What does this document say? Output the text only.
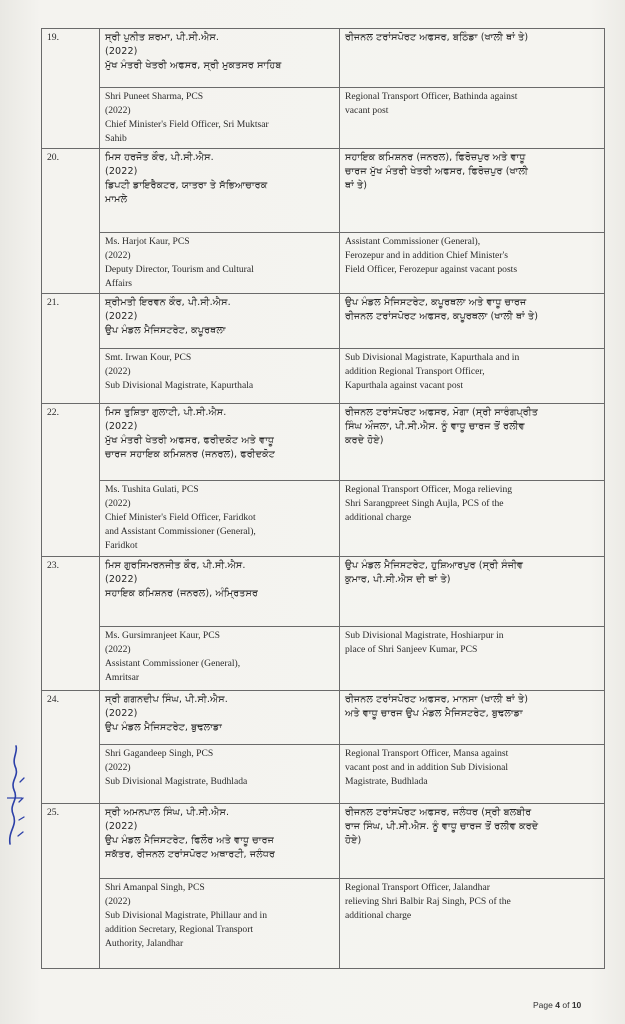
19.	ਸ੍ਰੀ ਪੁਨੀਤ ਸ਼ਰਮਾ, ਪੀ.ਸੀ.ਐਸ.
(2022)
ਮੁੱਖ ਮੰਤਰੀ ਖੇਤਰੀ ਅਫਸਰ, ਸ੍ਰੀ ਮੁਕਤਸਰ ਸਾਹਿਬ	ਰੀਜਨਲ ਟਰਾਂਸਪੋਰਟ ਅਫਸਰ, ਬਠਿੰਡਾ (ਖਾਲੀ ਥਾਂ ਤੇ)

	Shri Puneet Sharma, PCS
(2022)
Chief Minister's Field Officer, Sri Muktsar
Sahib	Regional Transport Officer, Bathinda against
vacant post

20.	ਮਿਸ ਹਰਜੋਤ ਕੌਰ, ਪੀ.ਸੀ.ਐਸ.
(2022)
ਡਿਪਟੀ ਡਾਇਰੈਕਟਰ, ਯਾਤਰਾ ਤੇ ਸੱਭਿਆਚਾਰਕ
ਮਾਮਲੇ	ਸਹਾਇਕ ਕਮਿਸ਼ਨਰ (ਜਨਰਲ), ਫਿਰੋਜ਼ਪੁਰ ਅਤੇ ਵਾਧੂ
ਚਾਰਜ ਮੁੱਖ ਮੰਤਰੀ ਖੇਤਰੀ ਅਫਸਰ, ਫਿਰੋਜ਼ਪੁਰ (ਖਾਲੀ
ਥਾਂ ਤੇ)

	Ms. Harjot Kaur, PCS
(2022)
Deputy Director, Tourism and Cultural
Affairs	Assistant Commissioner (General),
Ferozepur and in addition Chief Minister's
Field Officer, Ferozepur against vacant posts

21.	ਸ਼੍ਰੀਮਤੀ ਇਰਵਨ ਕੌਰ, ਪੀ.ਸੀ.ਐਸ.
(2022)
ਉਪ ਮੰਡਲ ਮੈਜਿਸਟਰੇਟ, ਕਪੂਰਥਲਾ	ਉਪ ਮੰਡਲ ਮੈਜਿਸਟਰੇਟ, ਕਪੂਰਥਲਾ ਅਤੇ ਵਾਧੂ ਚਾਰਜ
ਰੀਜਨਲ ਟਰਾਂਸਪੋਰਟ ਅਫਸਰ, ਕਪੂਰਥਲਾ (ਖਾਲੀ ਥਾਂ ਤੇ)

	Smt. Irwan Kour, PCS
(2022)
Sub Divisional Magistrate, Kapurthala	Sub Divisional Magistrate, Kapurthala and in
addition Regional Transport Officer,
Kapurthala against vacant post

22.	ਮਿਸ ਤੁਸ਼ਿਤਾ ਗੁਲਾਟੀ, ਪੀ.ਸੀ.ਐਸ.
(2022)
ਮੁੱਖ ਮੰਤਰੀ ਖੇਤਰੀ ਅਫਸਰ, ਫਰੀਦਕੋਟ ਅਤੇ ਵਾਧੂ
ਚਾਰਜ ਸਹਾਇਕ ਕਮਿਸ਼ਨਰ (ਜਨਰਲ), ਫਰੀਦਕੋਟ	ਰੀਜਨਲ ਟਰਾਂਸਪੋਰਟ ਅਫਸਰ, ਮੋਗਾ (ਸ੍ਰੀ ਸਾਰੰਗਪ੍ਰੀਤ
ਸਿੰਘ ਔਜਲਾ, ਪੀ.ਸੀ.ਐਸ. ਨੂੰ ਵਾਧੂ ਚਾਰਜ ਤੋਂ ਰਲੀਵ
ਕਰਦੇ ਹੋਏ)

	Ms. Tushita Gulati, PCS
(2022)
Chief Minister's Field Officer, Faridkot
and Assistant Commissioner (General),
Faridkot	Regional Transport Officer, Moga relieving
Shri Sarangpreet Singh Aujla, PCS of the
additional charge

23.	ਮਿਸ ਗੁਰਸਿਮਰਨਜੀਤ ਕੌਰ, ਪੀ.ਸੀ.ਐਸ.
(2022)
ਸਹਾਇਕ ਕਮਿਸ਼ਨਰ (ਜਨਰਲ), ਅੰਮ੍ਰਿਤਸਰ	ਉਪ ਮੰਡਲ ਮੈਜਿਸਟਰੇਟ, ਹੁਸ਼ਿਆਰਪੁਰ (ਸ੍ਰੀ ਸੰਜੀਵ
ਕੁਮਾਰ, ਪੀ.ਸੀ.ਐਸ ਦੀ ਥਾਂ ਤੇ)

	Ms. Gursimranjeet Kaur, PCS
(2022)
Assistant Commissioner (General),
Amritsar	Sub Divisional Magistrate, Hoshiarpur in
place of Shri Sanjeev Kumar, PCS

24.	ਸ੍ਰੀ ਗਗਨਦੀਪ ਸਿੰਘ, ਪੀ.ਸੀ.ਐਸ.
(2022)
ਉਪ ਮੰਡਲ ਮੈਜਿਸਟਰੇਟ, ਬੁਢਲਾਡਾ	ਰੀਜਨਲ ਟਰਾਂਸਪੋਰਟ ਅਫਸਰ, ਮਾਨਸਾ (ਖਾਲੀ ਥਾਂ ਤੇ)
ਅਤੇ ਵਾਧੂ ਚਾਰਜ ਉਪ ਮੰਡਲ ਮੈਜਿਸਟਰੇਟ, ਬੁਢਲਾਡਾ

	Shri Gagandeep Singh, PCS
(2022)
Sub Divisional Magistrate, Budhlada	Regional Transport Officer, Mansa against
vacant post and in addition Sub Divisional
Magistrate, Budhlada

25.	ਸ੍ਰੀ ਅਮਨਪਾਲ ਸਿੰਘ, ਪੀ.ਸੀ.ਐਸ.
(2022)
ਉਪ ਮੰਡਲ ਮੈਜਿਸਟਰੇਟ, ਫਿਲੌਰ ਅਤੇ ਵਾਧੂ ਚਾਰਜ
ਸਕੱਤਰ, ਰੀਜਨਲ ਟਰਾਂਸਪੋਰਟ ਅਥਾਰਟੀ, ਜਲੰਧਰ	ਰੀਜਨਲ ਟਰਾਂਸਪੋਰਟ ਅਫਸਰ, ਜਲੰਧਰ (ਸ੍ਰੀ ਬਲਬੀਰ
ਰਾਜ ਸਿੰਘ, ਪੀ.ਸੀ.ਐਸ. ਨੂੰ ਵਾਧੂ ਚਾਰਜ ਤੋਂ ਰਲੀਵ ਕਰਦੇ
ਹੋਏ)

	Shri Amanpal Singh, PCS
(2022)
Sub Divisional Magistrate, Phillaur and in
addition Secretary, Regional Transport
Authority, Jalandhar	Regional Transport Officer, Jalandhar
relieving Shri Balbir Raj Singh, PCS of the
additional charge
Page 4 of 10
